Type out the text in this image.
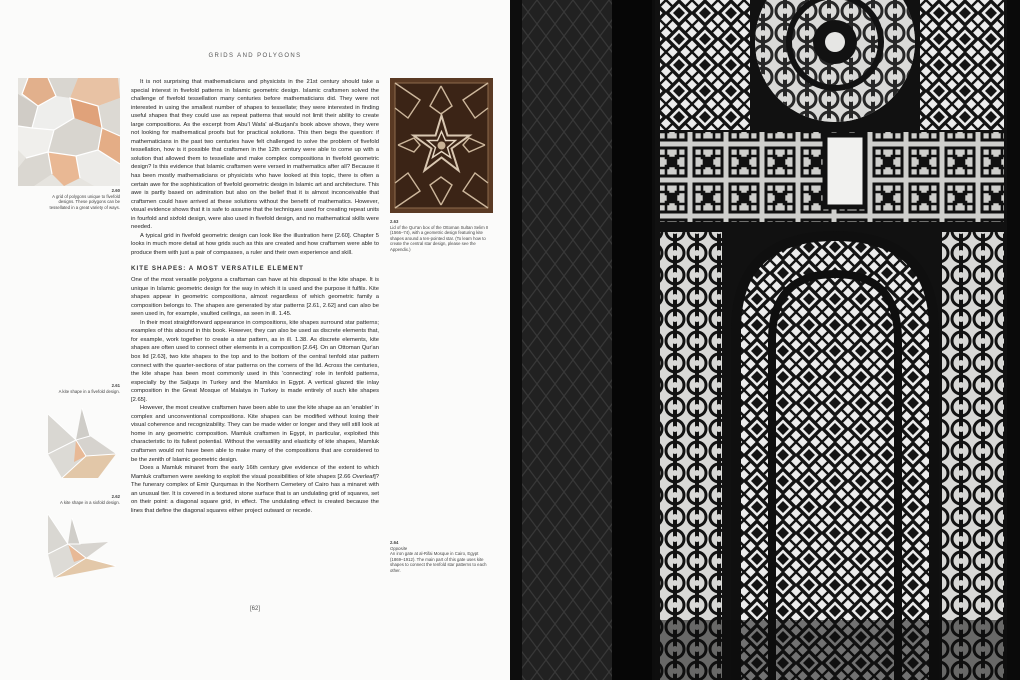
GRIDS AND POLYGONS
2.60
A grid of polygons unique to fivefold designs. These polygons can be tessellated in a great variety of ways.
2.61
A kite shape in a fivefold design.
2.62
A kite shape in a sixfold design.

It is not surprising that mathematicians and physicists in the 21st century should take a special interest in fivefold patterns in Islamic geometric design. Islamic craftsmen solved the challenge of fivefold tessellation many centuries before mathematicians did. They were not interested in using the smallest number of shapes to tessellate; they were interested in finding useful shapes that they could use as repeat patterns that would not limit their ability to create large compositions. As the excerpt from Abu'l Wafa' al-Buzjani's book above shows, they were not looking for mathematical proofs but for practical solutions. This then begs the question: if mathematicians in the past two centuries have felt challenged to solve the problem of fivefold tessellation, how is it possible that craftsmen in the 12th century were able to come up with a solution that allowed them to tessellate and make complex compositions in fivefold geometric design? Is this evidence that Islamic craftsmen were versed in mathematics after all? Because it has been mostly mathematicians or physicists who have looked at this topic, there is often a certain awe for the sophistication of fivefold geometric design in Islamic art and architecture. This awe is partly based on admiration but also on the belief that it is almost inconceivable that craftsmen could have arrived at these solutions without the benefit of mathematics. However, visual evidence shows that it is safe to assume that the techniques used for creating repeat units in fourfold and sixfold design, were also used in fivefold design, and no mathematical skills were needed.

A typical grid in fivefold geometric design can look like the illustration here [2.60]. Chapter 5 looks in much more detail at how grids such as this are created and how craftsmen were able to produce them with just a pair of compasses, a ruler and their own experience and skill.

KITE SHAPES: A MOST VERSATILE ELEMENT

One of the most versatile polygons a craftsman can have at his disposal is the kite shape. It is unique in Islamic geometric design for the way in which it is used and the purpose it fulfils. Kite shapes appear in geometric compositions, almost regardless of which geometric family a composition belongs to. The shapes are generated by star patterns [2.61, 2.62] and can also be seen used in, for example, vaulted ceilings, as seen in ill. 1.45.

In their most straightforward appearance in compositions, kite shapes surround star patterns; examples of this abound in this book. However, they can also be used as discrete elements that, for example, work together to create a star pattern, as in ill. 1.38. As discrete elements, kite shapes are often used to connect other elements in a composition [2.64]. On an Ottoman Qur'an box lid [2.63], two kite shapes to the top and to the bottom of the central tenfold star pattern connect with the quarter-sections of star patterns on the corners of the lid. Across the centuries, the kite shape has been most commonly used in this 'connecting' role in tenfold patterns, especially by the Saljuqs in Turkey and the Mamluks in Egypt. A vertical glazed tile inlay composition in the Great Mosque of Malatya in Turkey is made entirely of such kite shapes [2.65].

However, the most creative craftsmen have been able to use the kite shape as an 'enabler' in complex and unconventional compositions. Kite shapes can be modified without losing their visual coherence and recognizability. They can be made wider or longer and they will still look at home in any geometric composition. Mamluk craftsmen in Egypt, in particular, exploited this characteristic to its fullest potential. Without the versatility and elasticity of kite shapes, Mamluk craftsmen would not have been able to make many of the compositions that are considered to be the zenith of Islamic geometric design.

Does a Mamluk minaret from the early 16th century give evidence of the extent to which Mamluk craftsmen were seeking to exploit the visual possibilities of kite shapes [2.66 Overleaf]? The funerary complex of Emir Qurqumas in the Northern Cemetery of Cairo has a minaret with an unusual tier. It is covered in a textured stone surface that is an undulating grid of squares, set on their point: a diagonal square grid, in effect. The undulating effect is created because the lines that define the diagonal squares either project outward or recede.

2.63
Lid of the Qur'an box of the Ottoman Sultan Selim II (1566–74), with a geometric design featuring kite shapes around a ten-pointed star. (To learn how to create the central star design, please see the Appendix.)
2.64
Opposite
An iron gate at al-Rifai Mosque in Cairo, Egypt (1869–1912). The main part of this gate uses kite shapes to connect the tenfold star patterns to each other.
[62]
